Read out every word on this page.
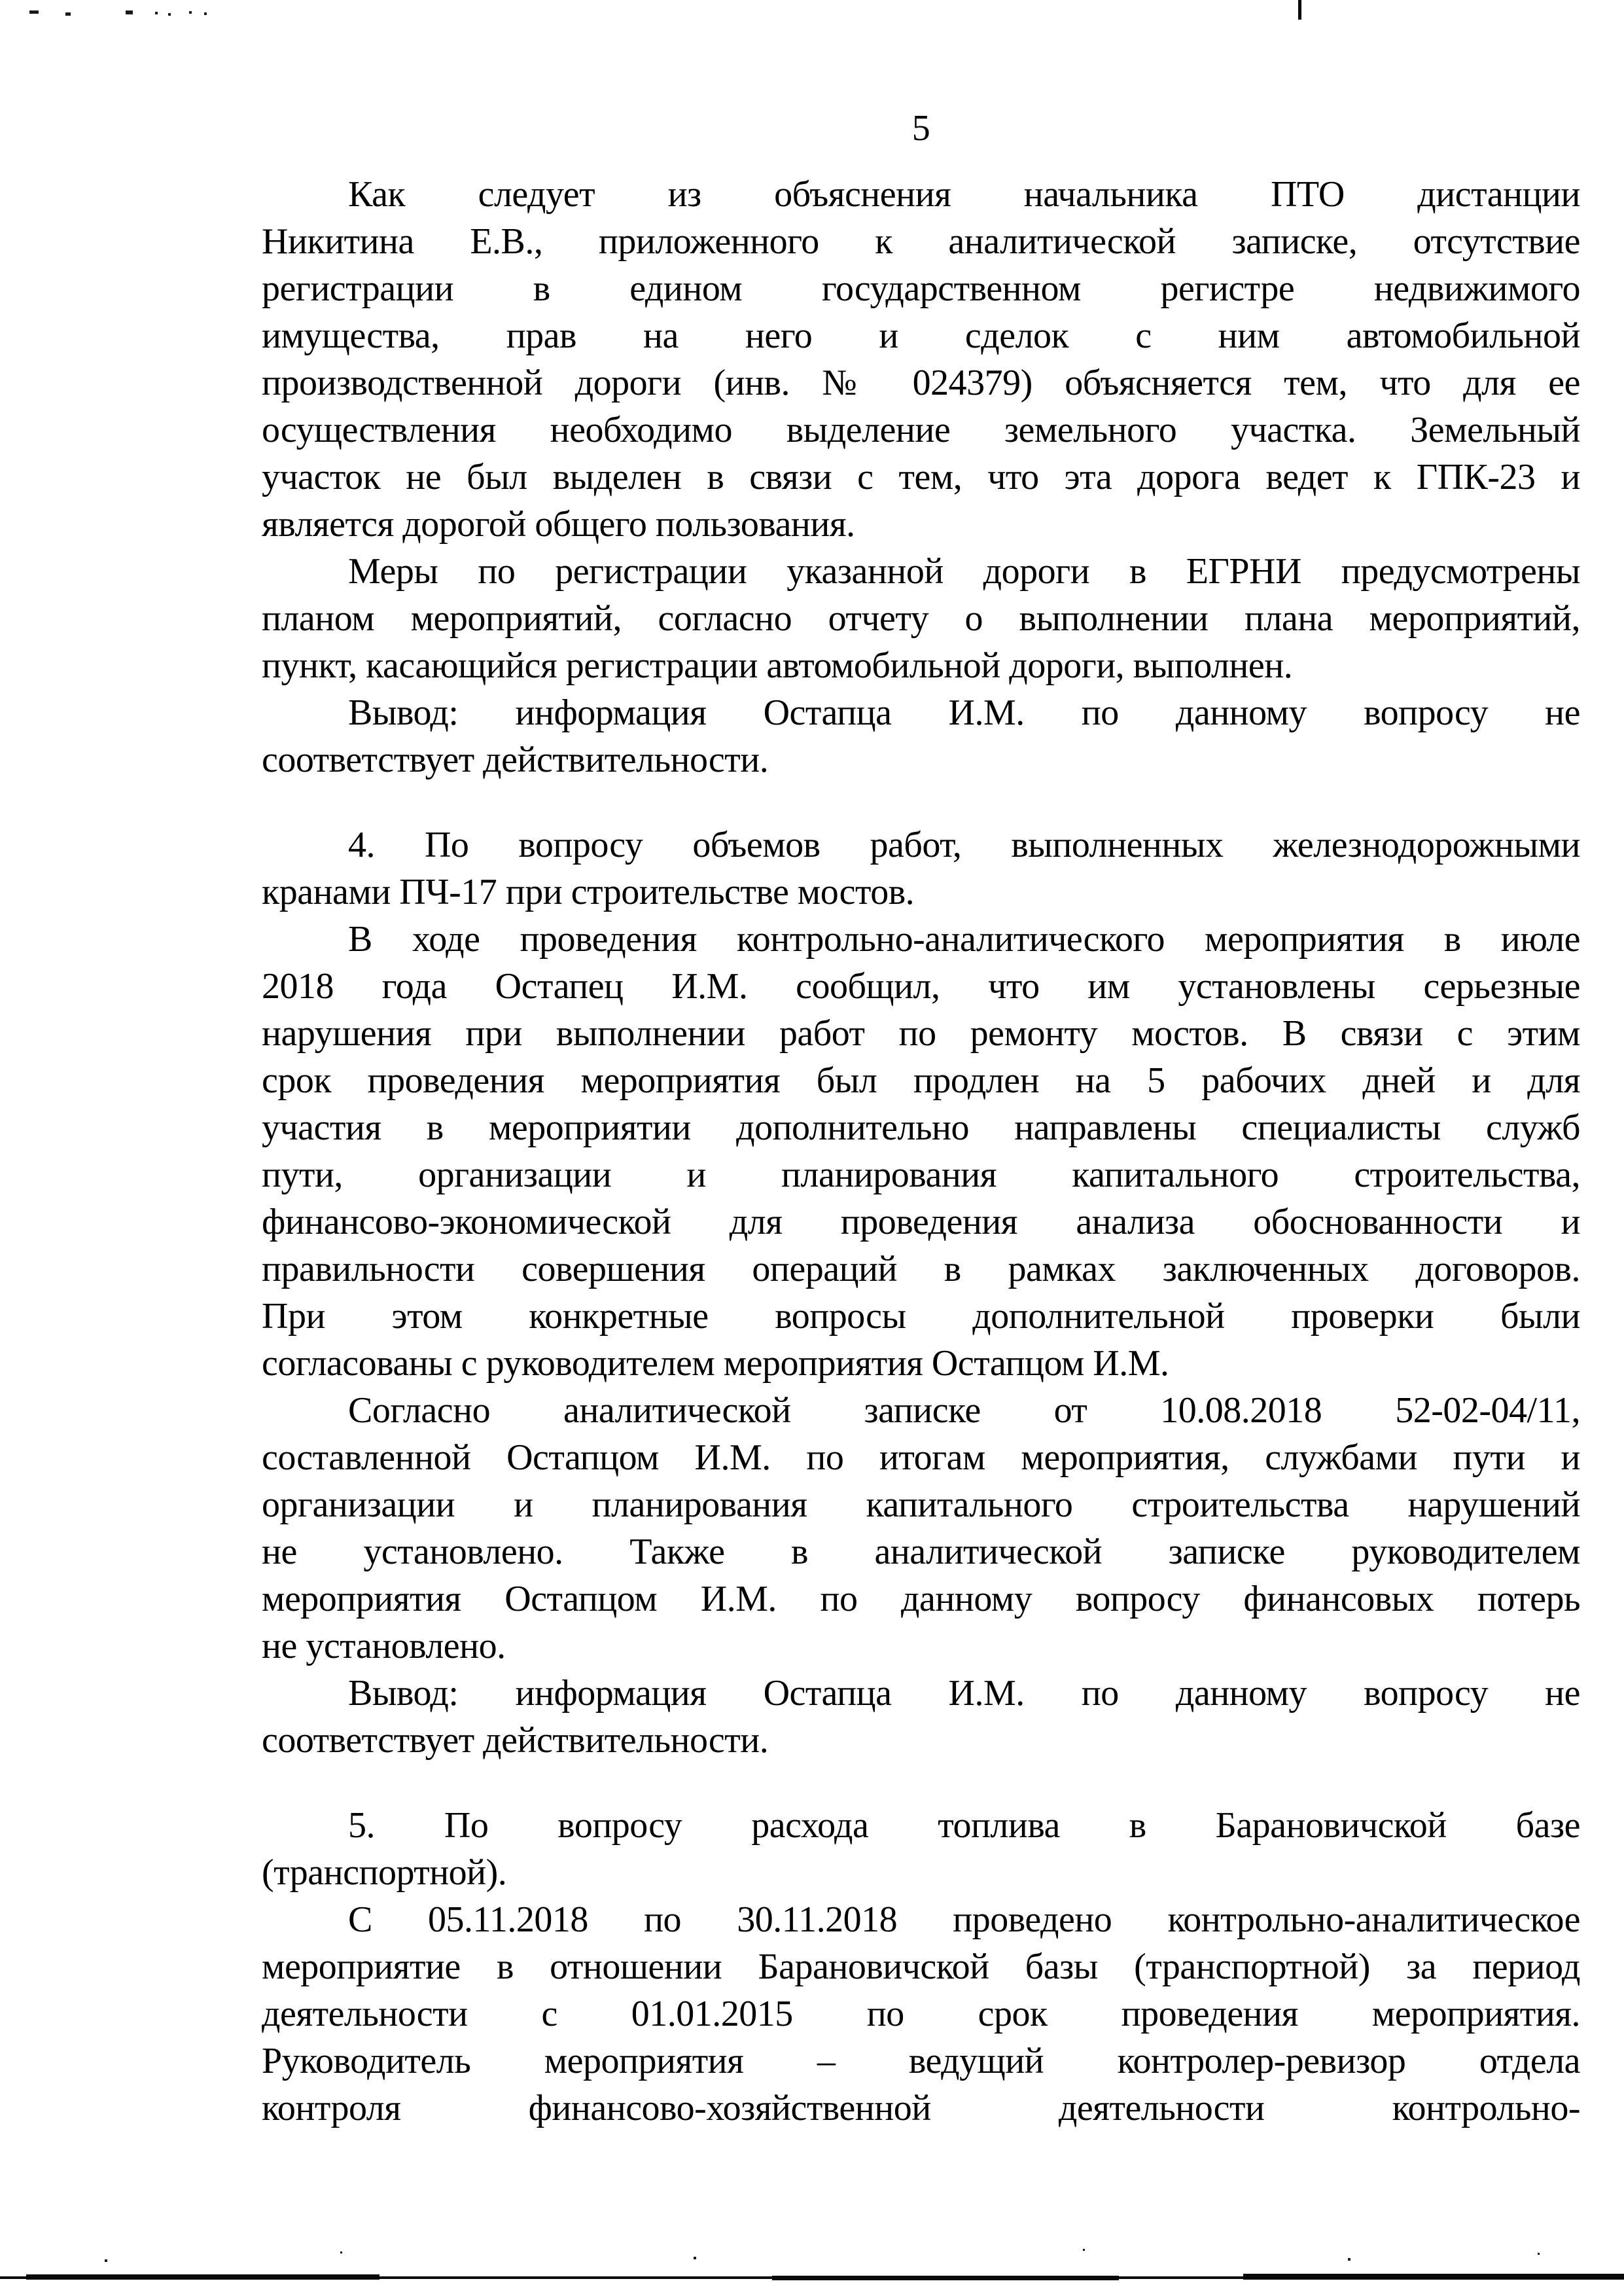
5
Как следует из объяснения начальника ПТО дистанции
Никитина Е.В., приложенного к аналитической записке, отсутствие
регистрации в едином государственном регистре недвижимого
имущества, прав на него и сделок с ним автомобильной
производственной дороги (инв. № 024379) объясняется тем, что для ее
осуществления необходимо выделение земельного участка. Земельный
участок не был выделен в связи с тем, что эта дорога ведет к ГПК-23 и
является дорогой общего пользования.
Меры по регистрации указанной дороги в ЕГРНИ предусмотрены
планом мероприятий, согласно отчету о выполнении плана мероприятий,
пункт, касающийся регистрации автомобильной дороги, выполнен.
Вывод: информация Остапца И.М. по данному вопросу не
соответствует действительности.
4. По вопросу объемов работ, выполненных железнодорожными
кранами ПЧ-17 при строительстве мостов.
В ходе проведения контрольно-аналитического мероприятия в июле
2018 года Остапец И.М. сообщил, что им установлены серьезные
нарушения при выполнении работ по ремонту мостов. В связи с этим
срок проведения мероприятия был продлен на 5 рабочих дней и для
участия в мероприятии дополнительно направлены специалисты служб
пути, организации и планирования капитального строительства,
финансово-экономической для проведения анализа обоснованности и
правильности совершения операций в рамках заключенных договоров.
При этом конкретные вопросы дополнительной проверки были
согласованы с руководителем мероприятия Остапцом И.М.
Согласно аналитической записке от 10.08.2018 52-02-04/11,
составленной Остапцом И.М. по итогам мероприятия, службами пути и
организации и планирования капитального строительства нарушений
не установлено. Также в аналитической записке руководителем
мероприятия Остапцом И.М. по данному вопросу финансовых потерь
не установлено.
Вывод: информация Остапца И.М. по данному вопросу не
соответствует действительности.
5. По вопросу расхода топлива в Барановичской базе
(транспортной).
С 05.11.2018 по 30.11.2018 проведено контрольно-аналитическое
мероприятие в отношении Барановичской базы (транспортной) за период
деятельности с 01.01.2015 по срок проведения мероприятия.
Руководитель мероприятия – ведущий контролер-ревизор отдела
контроля финансово-хозяйственной деятельности контрольно-
